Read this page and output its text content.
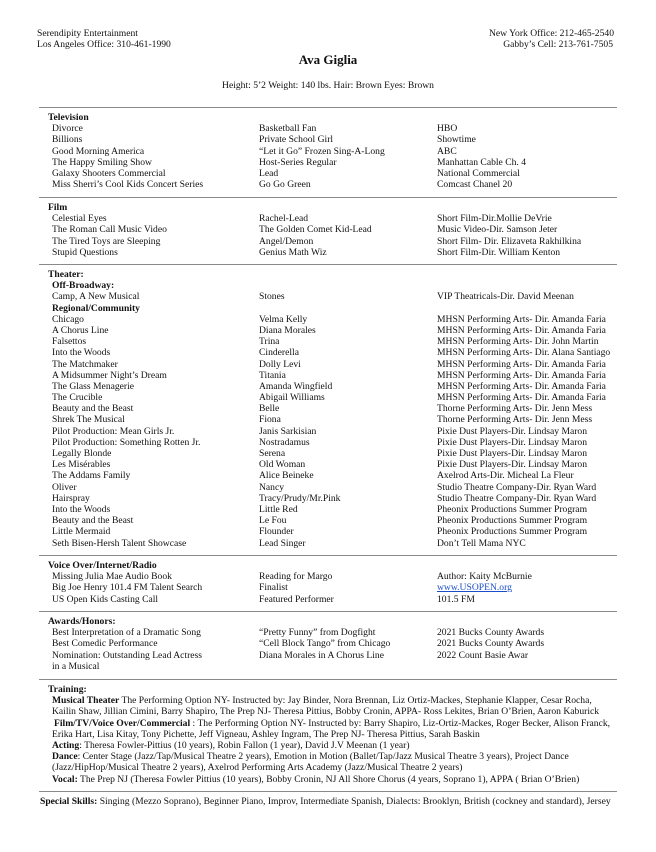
Serendipity Entertainment
Los Angeles Office: 310-461-1990
New York Office: 212-465-2540
Gabby’s Cell: 213-761-7505
Ava Giglia
Height: 5’2 Weight: 140 lbs. Hair: Brown Eyes: Brown
Television
Divorce	Basketball Fan	HBO
Billions	Private School Girl	Showtime
Good Morning America	“Let it Go” Frozen Sing-A-Long	ABC
The Happy Smiling Show	Host-Series Regular	Manhattan Cable Ch. 4
Galaxy Shooters Commercial	Lead	National Commercial
Miss Sherri’s Cool Kids Concert Series	Go Go Green	Comcast Chanel 20
Film
Celestial Eyes	Rachel-Lead	Short Film-Dir.Mollie DeVrie
The Roman Call Music Video	The Golden Comet Kid-Lead	Music Video-Dir. Samson Jeter
The Tired Toys are Sleeping	Angel/Demon	Short Film- Dir. Elizaveta Rakhilkina
Stupid Questions	Genius Math Wiz	Short Film-Dir. William Kenton
Theater:
Off-Broadway:
Camp, A New Musical	Stones	VIP Theatricals-Dir. David Meenan
Regional/Community
Chicago	Velma Kelly	MHSN Performing Arts- Dir. Amanda Faria
A Chorus Line	Diana Morales	MHSN Performing Arts- Dir. Amanda Faria
Falsettos	Trina	MHSN Performing Arts- Dir. John Martin
Into the Woods	Cinderella	MHSN Performing Arts- Dir. Alana Santiago
The Matchmaker	Dolly Levi	MHSN Performing Arts- Dir. Amanda Faria
A Midsummer Night’s Dream	Titania	MHSN Performing Arts- Dir. Amanda Faria
The Glass Menagerie	Amanda Wingfield	MHSN Performing Arts- Dir. Amanda Faria
The Crucible	Abigail Williams	MHSN Performing Arts- Dir. Amanda Faria
Beauty and the Beast	Belle	Thorne Performing Arts- Dir. Jenn Mess
Shrek The Musical	Fiona	Thorne Performing Arts- Dir. Jenn Mess
Pilot Production: Mean Girls Jr.	Janis Sarkisian	Pixie Dust Players-Dir. Lindsay Maron
Pilot Production: Something Rotten Jr.	Nostradamus	Pixie Dust Players-Dir. Lindsay Maron
Legally Blonde	Serena	Pixie Dust Players-Dir. Lindsay Maron
Les Misérables	Old Woman	Pixie Dust Players-Dir. Lindsay Maron
The Addams Family	Alice Beineke	Axelrod Arts-Dir. Micheal La Fleur
Oliver	Nancy	Studio Theatre Company-Dir. Ryan Ward
Hairspray	Tracy/Prudy/Mr.Pink	Studio Theatre Company-Dir. Ryan Ward
Into the Woods	Little Red	Pheonix Productions Summer Program
Beauty and the Beast	Le Fou	Pheonix Productions Summer Program
Little Mermaid	Flounder	Pheonix Productions Summer Program
Seth Bisen-Hersh Talent Showcase	Lead Singer	Don’t Tell Mama NYC
Voice Over/Internet/Radio
Missing Julia Mae Audio Book	Reading for Margo	Author: Kaity McBurnie
Big Joe Henry 101.4 FM Talent Search	Finalist	www.USOPEN.org
US Open Kids Casting Call	Featured Performer	101.5 FM
Awards/Honors:
Best Interpretation of a Dramatic Song	“Pretty Funny” from Dogfight	2021 Bucks County Awards
Best Comedic Performance	“Cell Block Tango” from Chicago	2021 Bucks County Awards
Nomination: Outstanding Lead Actress	Diana Morales in A Chorus Line	2022 Count Basie Awar
in a Musical
Training:
Musical Theater The Performing Option NY- Instructed by: Jay Binder, Nora Brennan, Liz Ortiz-Mackes, Stephanie Klapper, Cesar Rocha,
Kailin Shaw, Jillian Cimini, Barry Shapiro, The Prep NJ- Theresa Pittius, Bobby Cronin, APPA- Ross Lekites, Brian O’Brien, Aaron Kaburick
Film/TV/Voice Over/Commercial : The Performing Option NY- Instructed by: Barry Shapiro, Liz-Ortiz-Mackes, Roger Becker, Alison Franck,
Erika Hart, Lisa Kitay, Tony Pichette, Jeff Vigneau, Ashley Ingram, The Prep NJ- Theresa Pittius, Sarah Baskin
Acting: Theresa Fowler-Pittius (10 years), Robin Fallon (1 year), David J.V Meenan (1 year)
Dance: Center Stage (Jazz/Tap/Musical Theatre 2 years), Emotion in Motion (Ballet/Tap/Jazz Musical Theatre 3 years), Project Dance
(Jazz/HipHop/Musical Theatre 2 years), Axelrod Performing Arts Academy (Jazz/Musical Theatre 2 years)
Vocal: The Prep NJ (Theresa Fowler Pittius (10 years), Bobby Cronin, NJ All Shore Chorus (4 years, Soprano 1), APPA ( Brian O’Brien)
Special Skills: Singing (Mezzo Soprano), Beginner Piano, Improv, Intermediate Spanish, Dialects: Brooklyn, British (cockney and standard), Jersey
